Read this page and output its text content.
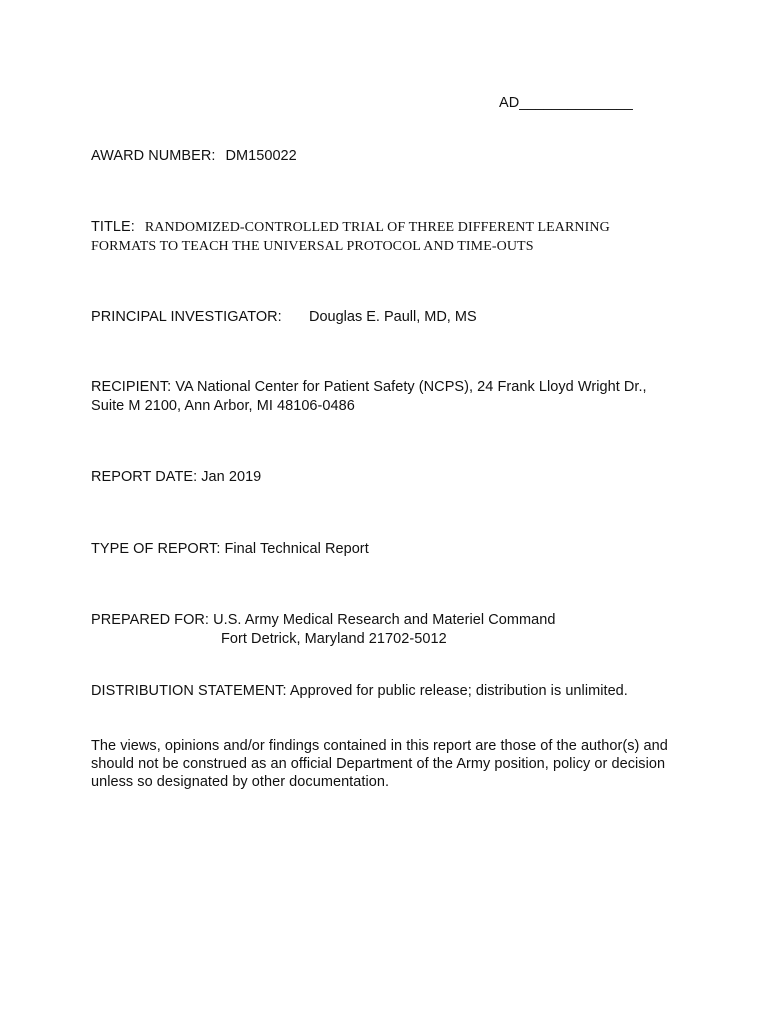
AD______________
AWARD NUMBER: DM150022
TITLE: RANDOMIZED-CONTROLLED TRIAL OF THREE DIFFERENT LEARNING
FORMATS TO TEACH THE UNIVERSAL PROTOCOL AND TIME-OUTS
PRINCIPAL INVESTIGATOR: Douglas E. Paull, MD, MS
RECIPIENT: VA National Center for Patient Safety (NCPS), 24 Frank Lloyd Wright Dr.,
Suite M 2100, Ann Arbor, MI 48106-0486
REPORT DATE: Jan 2019
TYPE OF REPORT: Final Technical Report
PREPARED FOR: U.S. Army Medical Research and Materiel Command
Fort Detrick, Maryland 21702-5012
DISTRIBUTION STATEMENT: Approved for public release; distribution is unlimited.
The views, opinions and/or findings contained in this report are those of the author(s) and
should not be construed as an official Department of the Army position, policy or decision
unless so designated by other documentation.
